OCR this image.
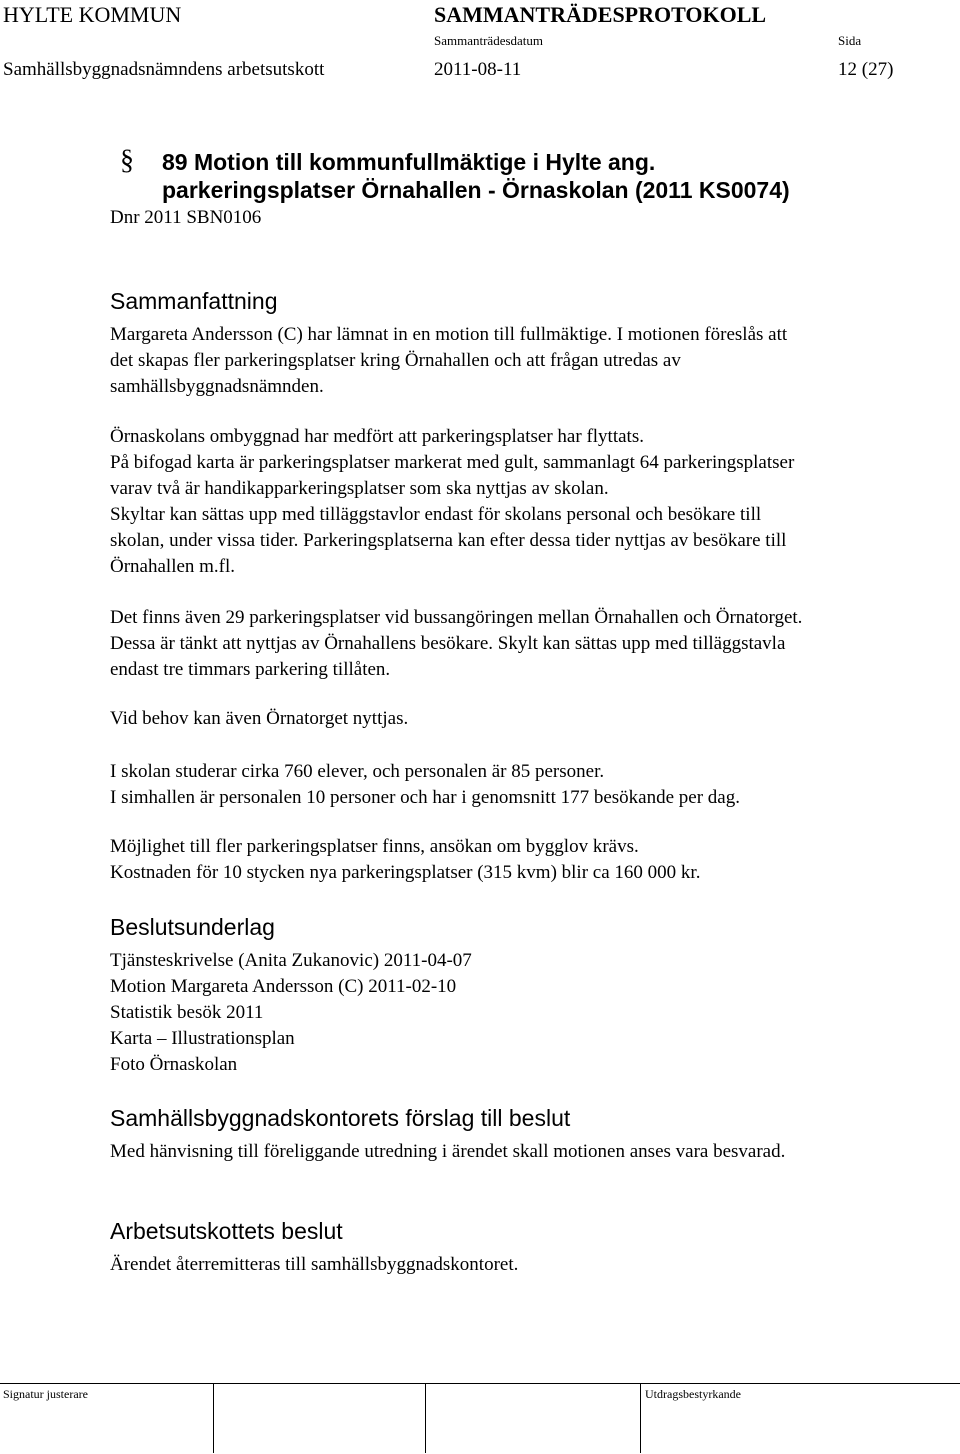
HYLTE KOMMUN	SAMMANTRÄDESPROTOKOLL
Sammanträdesdatum	Sida
Samhällsbyggnadsnämndens arbetsutskott	2011-08-11	12 (27)
§ 89 Motion till kommunfullmäktige i Hylte ang.
parkeringsplatser Örnahallen - Örnaskolan (2011 KS0074)
Dnr 2011 SBN0106
Sammanfattning
Margareta Andersson (C) har lämnat in en motion till fullmäktige. I motionen föreslås att
det skapas fler parkeringsplatser kring Örnahallen och att frågan utredas av
samhällsbyggnadsnämnden.
Örnaskolans ombyggnad har medfört att parkeringsplatser har flyttats.
På bifogad karta är parkeringsplatser markerat med gult, sammanlagt 64 parkeringsplatser
varav två är handikapparkeringsplatser som ska nyttjas av skolan.
Skyltar kan sättas upp med tilläggstavlor endast för skolans personal och besökare till
skolan, under vissa tider. Parkeringsplatserna kan efter dessa tider nyttjas av besökare till
Örnahallen m.fl.
Det finns även 29 parkeringsplatser vid bussangöringen mellan Örnahallen och Örnatorget.
Dessa är tänkt att nyttjas av Örnahallens besökare. Skylt kan sättas upp med tilläggstavla
endast tre timmars parkering tillåten.
Vid behov kan även Örnatorget nyttjas.
I skolan studerar cirka 760 elever, och personalen är 85 personer.
I simhallen är personalen 10 personer och har i genomsnitt 177 besökande per dag.
Möjlighet till fler parkeringsplatser finns, ansökan om bygglov krävs.
Kostnaden för 10 stycken nya parkeringsplatser (315 kvm) blir ca 160 000 kr.
Beslutsunderlag
Tjänsteskrivelse (Anita Zukanovic) 2011-04-07
Motion Margareta Andersson (C) 2011-02-10
Statistik besök 2011
Karta – Illustrationsplan
Foto Örnaskolan
Samhällsbyggnadskontorets förslag till beslut
Med hänvisning till föreliggande utredning i ärendet skall motionen anses vara besvarad.
Arbetsutskottets beslut
Ärendet återremitteras till samhällsbyggnadskontoret.
Signatur justerare	Utdragsbestyrkande
